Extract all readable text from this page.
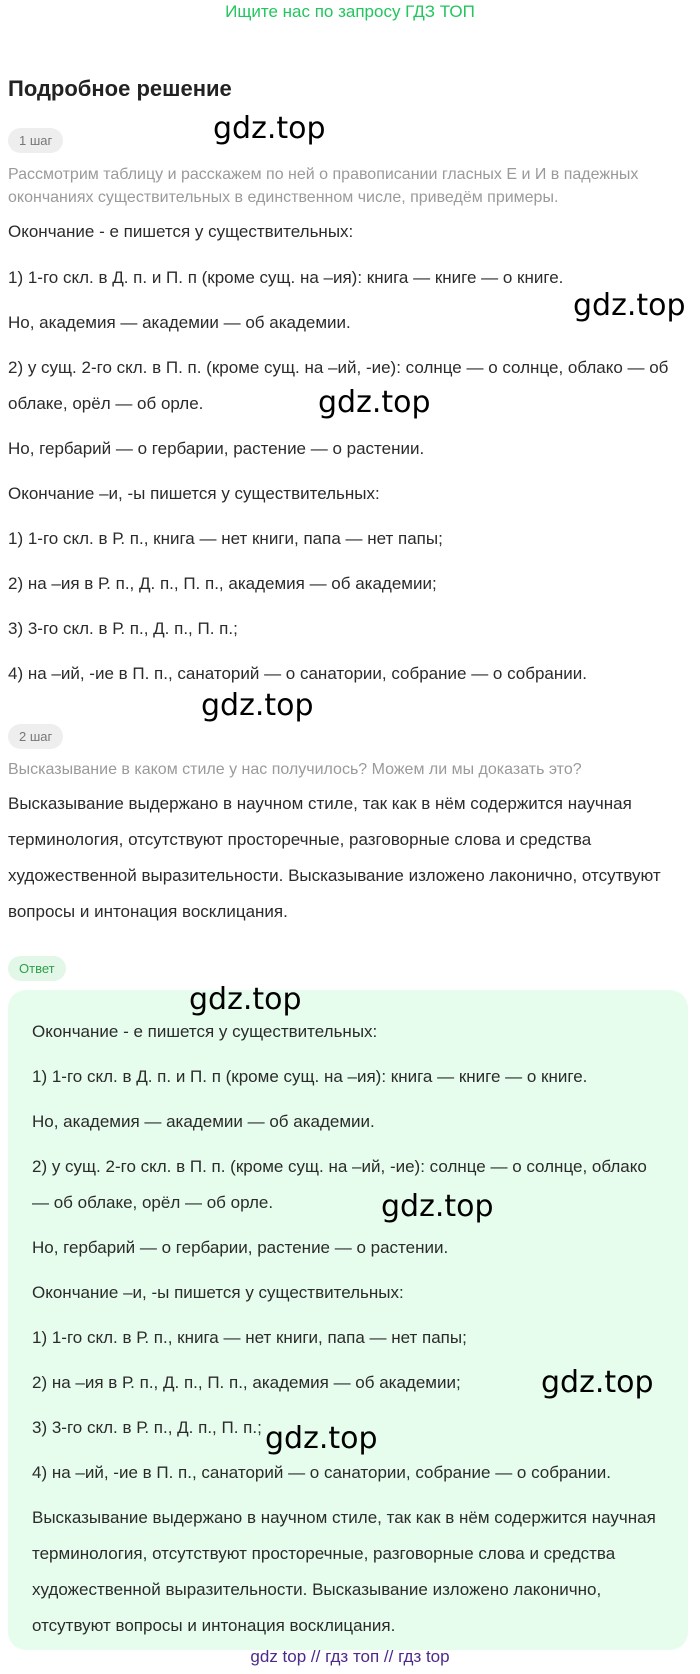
Ищите нас по запросу ГДЗ ТОП
Подробное решение
1 шаг

Рассмотрим таблицу и расскажем по ней о правописании гласных Е и И в падежных окончаниях существительных в единственном числе, приведём примеры.

Окончание - е пишется у существительных:

1) 1-го скл. в Д. п. и П. п (кроме сущ. на –ия): книга — книге — о книге.

Но, академия — академии — об академии.

2) у сущ. 2-го скл. в П. п. (кроме сущ. на –ий, -ие): солнце — о солнце, облако — об облаке, орёл — об орле.

Но, гербарий — о гербарии, растение — о растении.

Окончание –и, -ы пишется у существительных:

1) 1-го скл. в Р. п., книга — нет книги, папа — нет папы;

2) на –ия в Р. п., Д. п., П. п., академия — об академии;

3) 3-го скл. в Р. п., Д. п., П. п.;

4) на –ий, -ие в П. п., санаторий — о санатории, собрание — о собрании.

2 шаг

Высказывание в каком стиле у нас получилось? Можем ли мы доказать это?

Высказывание выдержано в научном стиле, так как в нём содержится научная терминология, отсутствуют просторечные, разговорные слова и средства художественной выразительности. Высказывание изложено лаконично, отсутвуют вопросы и интонация восклицания.

Ответ

Окончание - е пишется у существительных:

1) 1-го скл. в Д. п. и П. п (кроме сущ. на –ия): книга — книге — о книге.

Но, академия — академии — об академии.

2) у сущ. 2-го скл. в П. п. (кроме сущ. на –ий, -ие): солнце — о солнце, облако — об облаке, орёл — об орле.

Но, гербарий — о гербарии, растение — о растении.

Окончание –и, -ы пишется у существительных:

1) 1-го скл. в Р. п., книга — нет книги, папа — нет папы;

2) на –ия в Р. п., Д. п., П. п., академия — об академии;

3) 3-го скл. в Р. п., Д. п., П. п.;

4) на –ий, -ие в П. п., санаторий — о санатории, собрание — о собрании.

Высказывание выдержано в научном стиле, так как в нём содержится научная терминология, отсутствуют просторечные, разговорные слова и средства художественной выразительности. Высказывание изложено лаконично, отсутвуют вопросы и интонация восклицания.

gdz.top
gdz.top
gdz.top
gdz.top
gdz.top
gdz.top
gdz.top
gdz.top
gdz top // гдз топ // гдз top
